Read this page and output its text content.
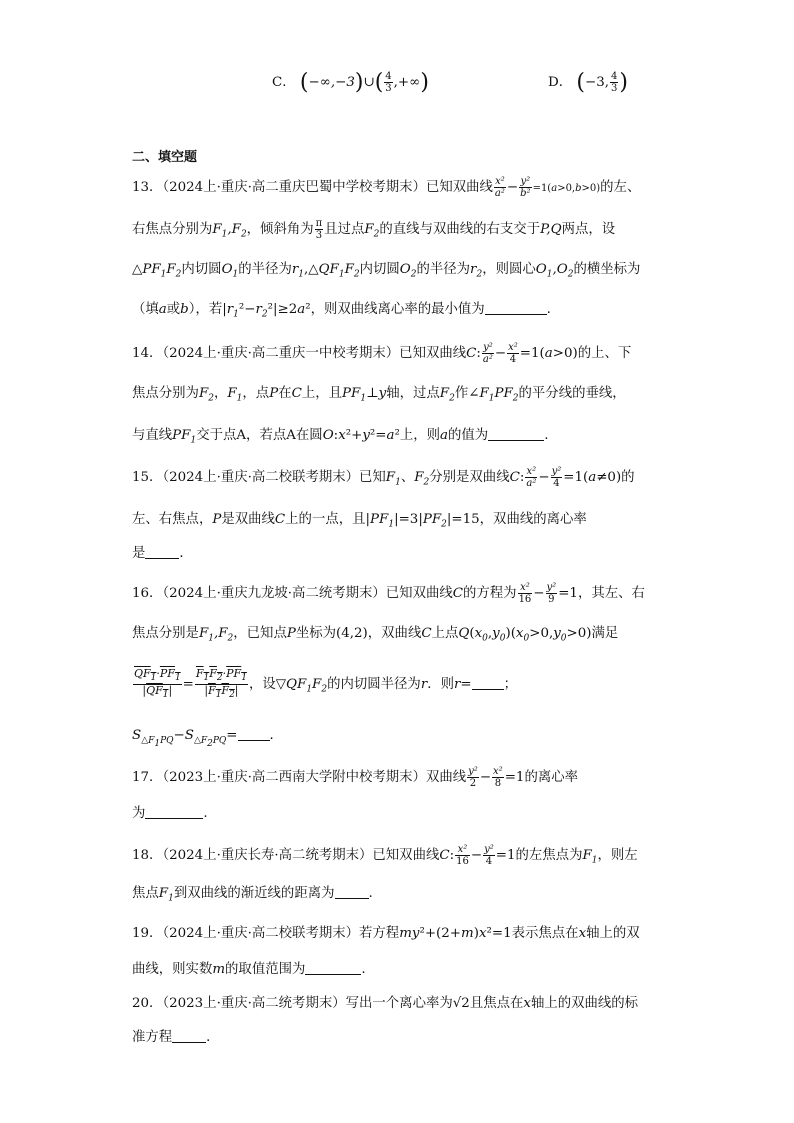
C． (−∞,−3)∪( $\frac{4}{3}$ ,+∞)	D． (−3, $\frac{4}{3}$ )
二、填空题
13．（2024上·重庆·高二重庆巴蜀中学校考期末）已知双曲线 $\frac{\text{x²}}{\text{a²}} - \frac{\text{y²}}{\text{b²}} =1(a>0,b>0)$的左、
右焦点分别为$F_1,F_2$，倾斜角为 $\frac{\pi}{3}$ 且过点$F_2$的直线与双曲线的右支交于P,Q两点，设
$\triangle PF_1F_2$内切圆$O_1$的半径为$r_1,\triangle QF_1F_2$内切圆$O_2$的半径为$r_2$，则圆心$O_1,O_2$的横坐标为
（填a或b），若$|r_1^2-r_2^2|\ge 2a^2$，则双曲线离心率的最小值为	.
14．（2024上·重庆·高二重庆一中校考期末）已知双曲线C: $\frac{\text{y²}}{\text{a²}} - \frac{\text{x²}}{4} =1(a>0)$的上、下
焦点分别为$F_2$，$F_1$，点P在C上，且$PF_1\perp y$轴，过点$F_2$作$\angle F_1PF_2$的平分线的垂线，
与直线$PF_1$交于点A，若点A在圆O:x²+y²=a²上，则a的值为	.
15．（2024上·重庆·高二校联考期末）已知$F_1$、$F_2$分别是双曲线C: $\frac{\text{x²}}{\text{a²}} - \frac{\text{y²}}{4} =1(a\ne 0)$的
左、右焦点，P是双曲线C上的一点，且$|PF_1|=3|PF_2|=15$，双曲线的离心率
是	．
16．（2024上·重庆九龙坡·高二统考期末）已知双曲线C的方程为 $\frac{\text{x²}}{16} - \frac{\text{y²}}{9} =1$，其左、右
焦点分别是$F_1,F_2$，已知点P坐标为(4,2)，双曲线C上点$Q(x_0,y_0)(x_0>0,y_0>0)$满足
$\frac{QF_1\cdot PF_1}{|QF_1|} = \frac{F_1F_2\cdot PF_1}{|F_1F_2|}$ ，设$▽QF_1F_2$的内切圆半径为r．则r= ；
$S_{\triangle F_1PQ}-S_{\triangle F_2PQ}=$ ．
17．（2023上·重庆·高二西南大学附中校考期末）双曲线 $\frac{\text{y²}}{2} - \frac{\text{x²}}{8} =1$的离心率
为	.
18．（2024上·重庆长寿·高二统考期末）已知双曲线C: $\frac{\text{x²}}{16} - \frac{\text{y²}}{4} =1$的左焦点为$F_1$，则左
焦点$F_1$到双曲线的渐近线的距离为	.
19．（2024上·重庆·高二校联考期末）若方程my²+(2+m)x²=1表示焦点在x轴上的双
曲线，则实数m的取值范围为	.
20．（2023上·重庆·高二统考期末）写出一个离心率为√2且焦点在x轴上的双曲线的标
准方程	．
